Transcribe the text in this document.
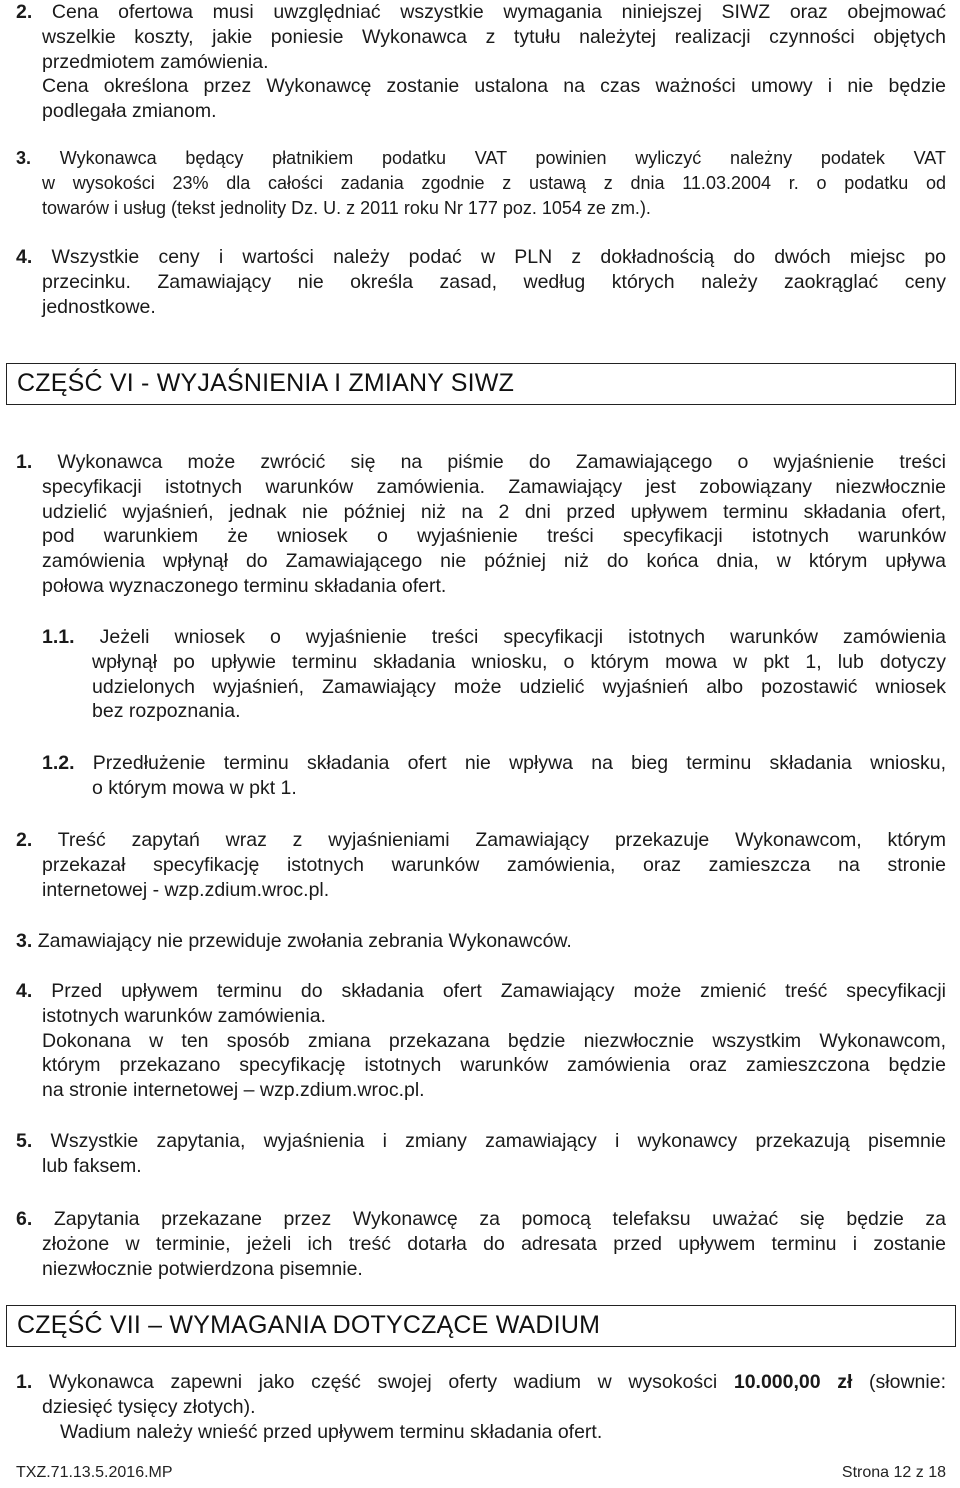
2. Cena ofertowa musi uwzględniać wszystkie wymagania niniejszej SIWZ oraz obejmować
wszelkie koszty, jakie poniesie Wykonawca z tytułu należytej realizacji czynności objętych
przedmiotem zamówienia.
Cena określona przez Wykonawcę zostanie ustalona na czas ważności umowy i nie będzie
podlegała zmianom.
3. Wykonawca będący płatnikiem podatku VAT powinien wyliczyć należny podatek VAT
w wysokości 23% dla całości zadania zgodnie z ustawą z dnia 11.03.2004 r. o podatku od
towarów i usług (tekst jednolity Dz. U. z 2011 roku Nr 177 poz. 1054 ze zm.).
4. Wszystkie ceny i wartości należy podać w PLN z dokładnością do dwóch miejsc po
przecinku. Zamawiający nie określa zasad, według których należy zaokrąglać ceny
jednostkowe.
CZĘŚĆ VI - WYJAŚNIENIA I ZMIANY SIWZ
1. Wykonawca może zwrócić się na piśmie do Zamawiającego o wyjaśnienie treści
specyfikacji istotnych warunków zamówienia. Zamawiający jest zobowiązany niezwłocznie
udzielić wyjaśnień, jednak nie później niż na 2 dni przed upływem terminu składania ofert,
pod warunkiem że wniosek o wyjaśnienie treści specyfikacji istotnych warunków
zamówienia wpłynął do Zamawiającego nie później niż do końca dnia, w którym upływa
połowa wyznaczonego terminu składania ofert.
1.1. Jeżeli wniosek o wyjaśnienie treści specyfikacji istotnych warunków zamówienia
wpłynął po upływie terminu składania wniosku, o którym mowa w pkt 1, lub dotyczy
udzielonych wyjaśnień, Zamawiający może udzielić wyjaśnień albo pozostawić wniosek
bez rozpoznania.
1.2. Przedłużenie terminu składania ofert nie wpływa na bieg terminu składania wniosku,
o którym mowa w pkt 1.
2. Treść zapytań wraz z wyjaśnieniami Zamawiający przekazuje Wykonawcom, którym
przekazał specyfikację istotnych warunków zamówienia, oraz zamieszcza na stronie
internetowej - wzp.zdium.wroc.pl.
3. Zamawiający nie przewiduje zwołania zebrania Wykonawców.
4. Przed upływem terminu do składania ofert Zamawiający może zmienić treść specyfikacji
istotnych warunków zamówienia.
Dokonana w ten sposób zmiana przekazana będzie niezwłocznie wszystkim Wykonawcom,
którym przekazano specyfikację istotnych warunków zamówienia oraz zamieszczona będzie
na stronie internetowej – wzp.zdium.wroc.pl.
5. Wszystkie zapytania, wyjaśnienia i zmiany zamawiający i wykonawcy przekazują pisemnie
lub faksem.
6. Zapytania przekazane przez Wykonawcę za pomocą telefaksu uważać się będzie za
złożone w terminie, jeżeli ich treść dotarła do adresata przed upływem terminu i zostanie
niezwłocznie potwierdzona pisemnie.
CZĘŚĆ VII – WYMAGANIA DOTYCZĄCE WADIUM
1. Wykonawca zapewni jako część swojej oferty wadium w wysokości 10.000,00 zł (słownie:
dziesięć tysięcy złotych).
Wadium należy wnieść przed upływem terminu składania ofert.
TXZ.71.13.5.2016.MP	Strona 12 z 18
